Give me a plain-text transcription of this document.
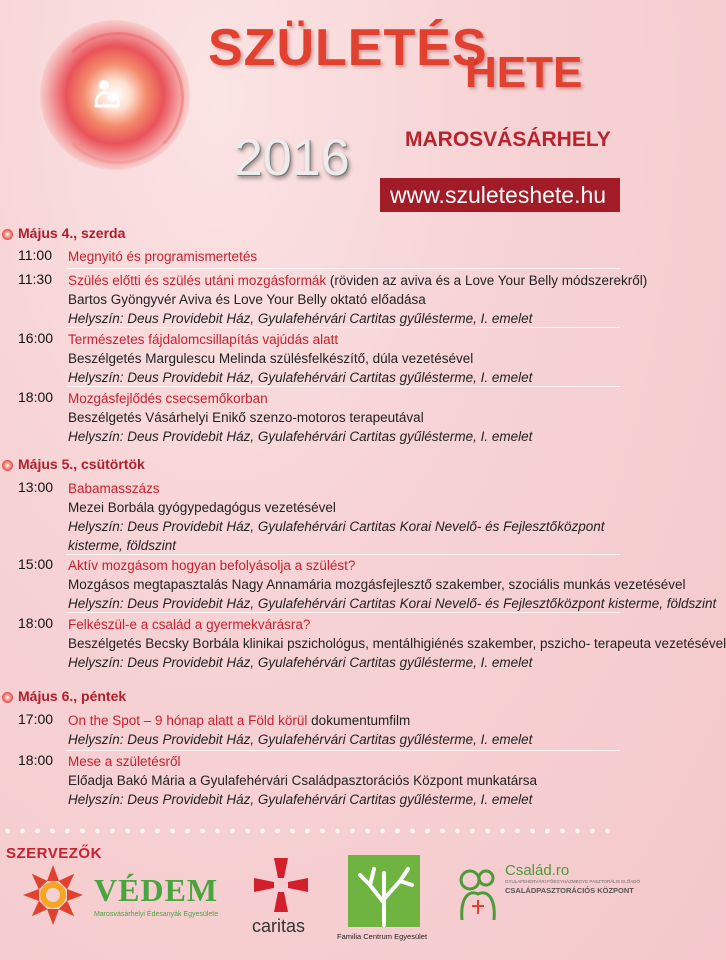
SZÜLETÉS
HETE
2016	MAROSVÁSÁRHELY
www.szuleteshete.hu
Május 4., szerda
11:00 Megnyitó és programismertetés
11:30 Szülés előtti és szülés utáni mozgásformák (röviden az aviva és a Love Your Belly módszerekről)
Bartos Gyöngyvér Aviva és Love Your Belly oktató előadása
Helyszín: Deus Providebit Ház, Gyulafehérvári Cartitas gyűlésterme, I. emelet
16:00 Természetes fájdalomcsillapítás vajúdás alatt
Beszélgetés Margulescu Melinda szülésfelkészítő, dúla vezetésével
Helyszín: Deus Providebit Ház, Gyulafehérvári Cartitas gyűlésterme, I. emelet
18:00 Mozgásfejlődés csecsemőkorban
Beszélgetés Vásárhelyi Enikő szenzo-motoros terapeutával
Helyszín: Deus Providebit Ház, Gyulafehérvári Cartitas gyűlésterme, I. emelet
Május 5., csütörtök
13:00 Babamasszázs
Mezei Borbála gyógypedagógus vezetésével
Helyszín: Deus Providebit Ház, Gyulafehérvári Cartitas Korai Nevelő- és Fejlesztőközpont
kisterme, földszint
15:00 Aktív mozgásom hogyan befolyásolja a szülést?
Mozgásos megtapasztalás Nagy Annamária mozgásfejlesztő szakember, szociális munkás vezetésével
Helyszín: Deus Providebit Ház, Gyulafehérvári Cartitas Korai Nevelő- és Fejlesztőközpont kisterme, földszint
18:00 Felkészül-e a család a gyermekvárásra?
Beszélgetés Becsky Borbála klinikai pszichológus, mentálhigiénés szakember, pszicho- terapeuta vezetésével
Helyszín: Deus Providebit Ház, Gyulafehérvári Cartitas gyűlésterme, I. emelet
Május 6., péntek
17:00 On the Spot – 9 hónap alatt a Föld körül dokumentumfilm
Helyszín: Deus Providebit Ház, Gyulafehérvári Cartitas gyűlésterme, I. emelet
18:00 Mese a születésről
Előadja Bakó Mária a Gyulafehérvári Családpasztorációs Központ munkatársa
Helyszín: Deus Providebit Ház, Gyulafehérvári Cartitas gyűlésterme, I. emelet
SZERVEZŐK
VÉDEM
Marosvásárhelyi Édesanyák Egyesülete
caritas
Familia Centrum Egyesület
Család.ro
GYULAFEHÉRVÁRI FŐEGYHÁZMEGYE PASZTORÁLIS ELŐADÓ
CSALÁDPASZTORÁCIÓS KÖZPONT
